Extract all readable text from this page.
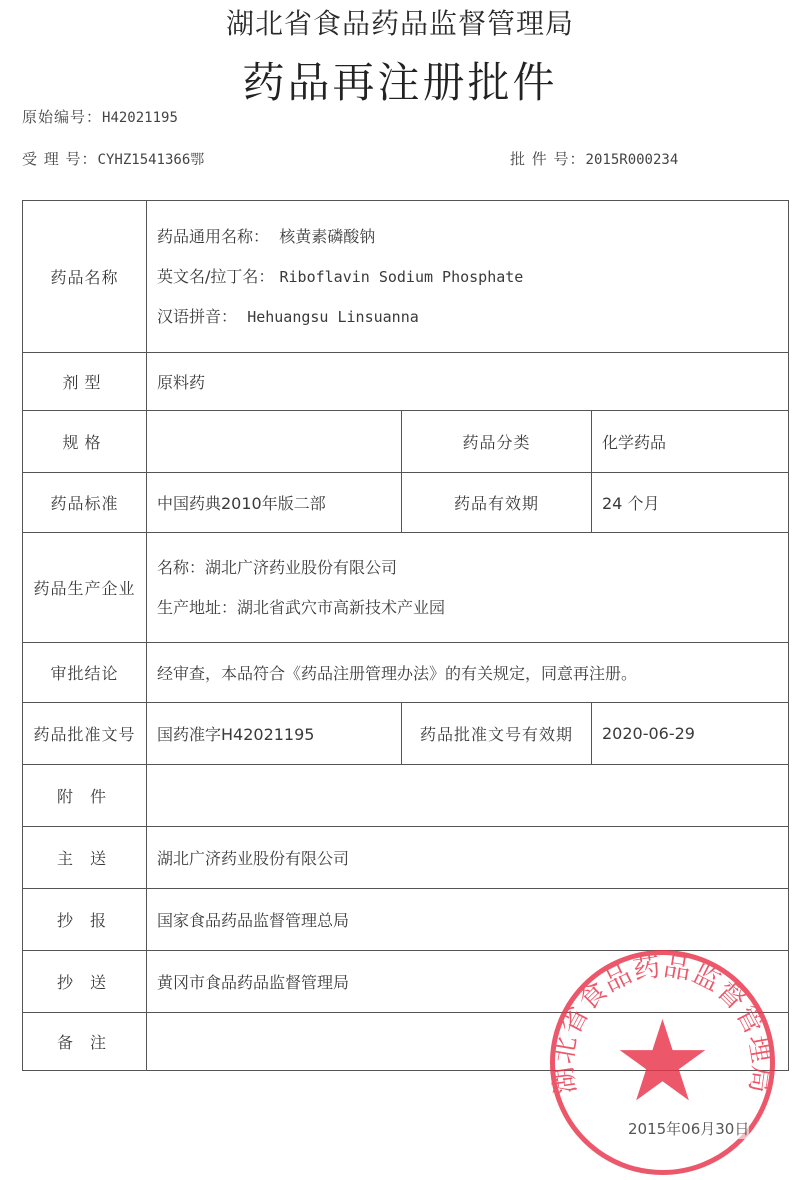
湖北省食品药品监督管理局
药品再注册批件
原始编号：H42021195
受 理 号：CYHZ1541366鄂	批 件 号：2015R000234
药品名称	药品通用名称： 核黄素磷酸钠
英文名/拉丁名： Riboflavin Sodium Phosphate
汉语拼音： Hehuangsu Linsuanna		

剂型	原料药		
规格		药品分类	化学药品
药品标准	中国药典2010年版二部	药品有效期	24 个月
药品生产企业	名称：湖北广济药业股份有限公司
生产地址：湖北省武穴市高新技术产业园		

审批结论	经审查，本品符合《药品注册管理办法》的有关规定，同意再注册。		
药品批准文号	国药准字H42021195	药品批准文号有效期	2020-06-29
附 件			
主 送	湖北广济药业股份有限公司		
抄 报	国家食品药品监督管理总局		
抄 送	黄冈市食品药品监督管理局		
备 注			
湖北省食品药品监督管理局
2015年06月30日
